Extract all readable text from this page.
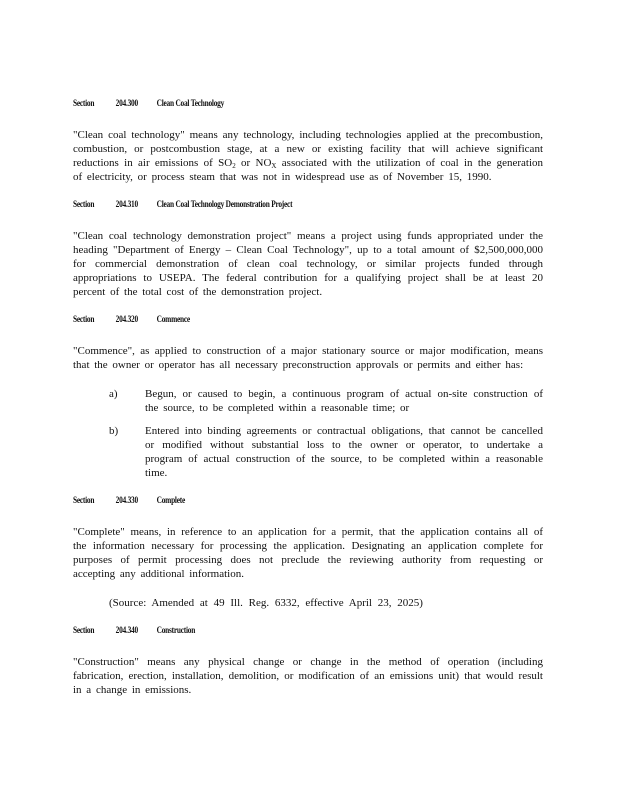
Section 204.300 Clean Coal Technology

"Clean coal technology" means any technology, including technologies applied at the precombustion, combustion, or postcombustion stage, at a new or existing facility that will achieve significant reductions in air emissions of $SO_2$ or $NO_X$ associated with the utilization of coal in the generation of electricity, or process steam that was not in widespread use as of November 15, 1990.

Section 204.310 Clean Coal Technology Demonstration Project

"Clean coal technology demonstration project" means a project using funds appropriated under the heading "Department of Energy – Clean Coal Technology", up to a total amount of $2,500,000,000 for commercial demonstration of clean coal technology, or similar projects funded through appropriations to USEPA. The federal contribution for a qualifying project shall be at least 20 percent of the total cost of the demonstration project.

Section 204.320 Commence

"Commence", as applied to construction of a major stationary source or major modification, means that the owner or operator has all necessary preconstruction approvals or permits and either has:

a) Begun, or caused to begin, a continuous program of actual on-site construction of the source, to be completed within a reasonable time; or
b) Entered into binding agreements or contractual obligations, that cannot be cancelled or modified without substantial loss to the owner or operator, to undertake a program of actual construction of the source, to be completed within a reasonable time.
Section 204.330 Complete

"Complete" means, in reference to an application for a permit, that the application contains all of the information necessary for processing the application. Designating an application complete for purposes of permit processing does not preclude the reviewing authority from requesting or accepting any additional information.

(Source: Amended at 49 Ill. Reg. 6332, effective April 23, 2025)
Section 204.340 Construction

"Construction" means any physical change or change in the method of operation (including fabrication, erection, installation, demolition, or modification of an emissions unit) that would result in a change in emissions.
